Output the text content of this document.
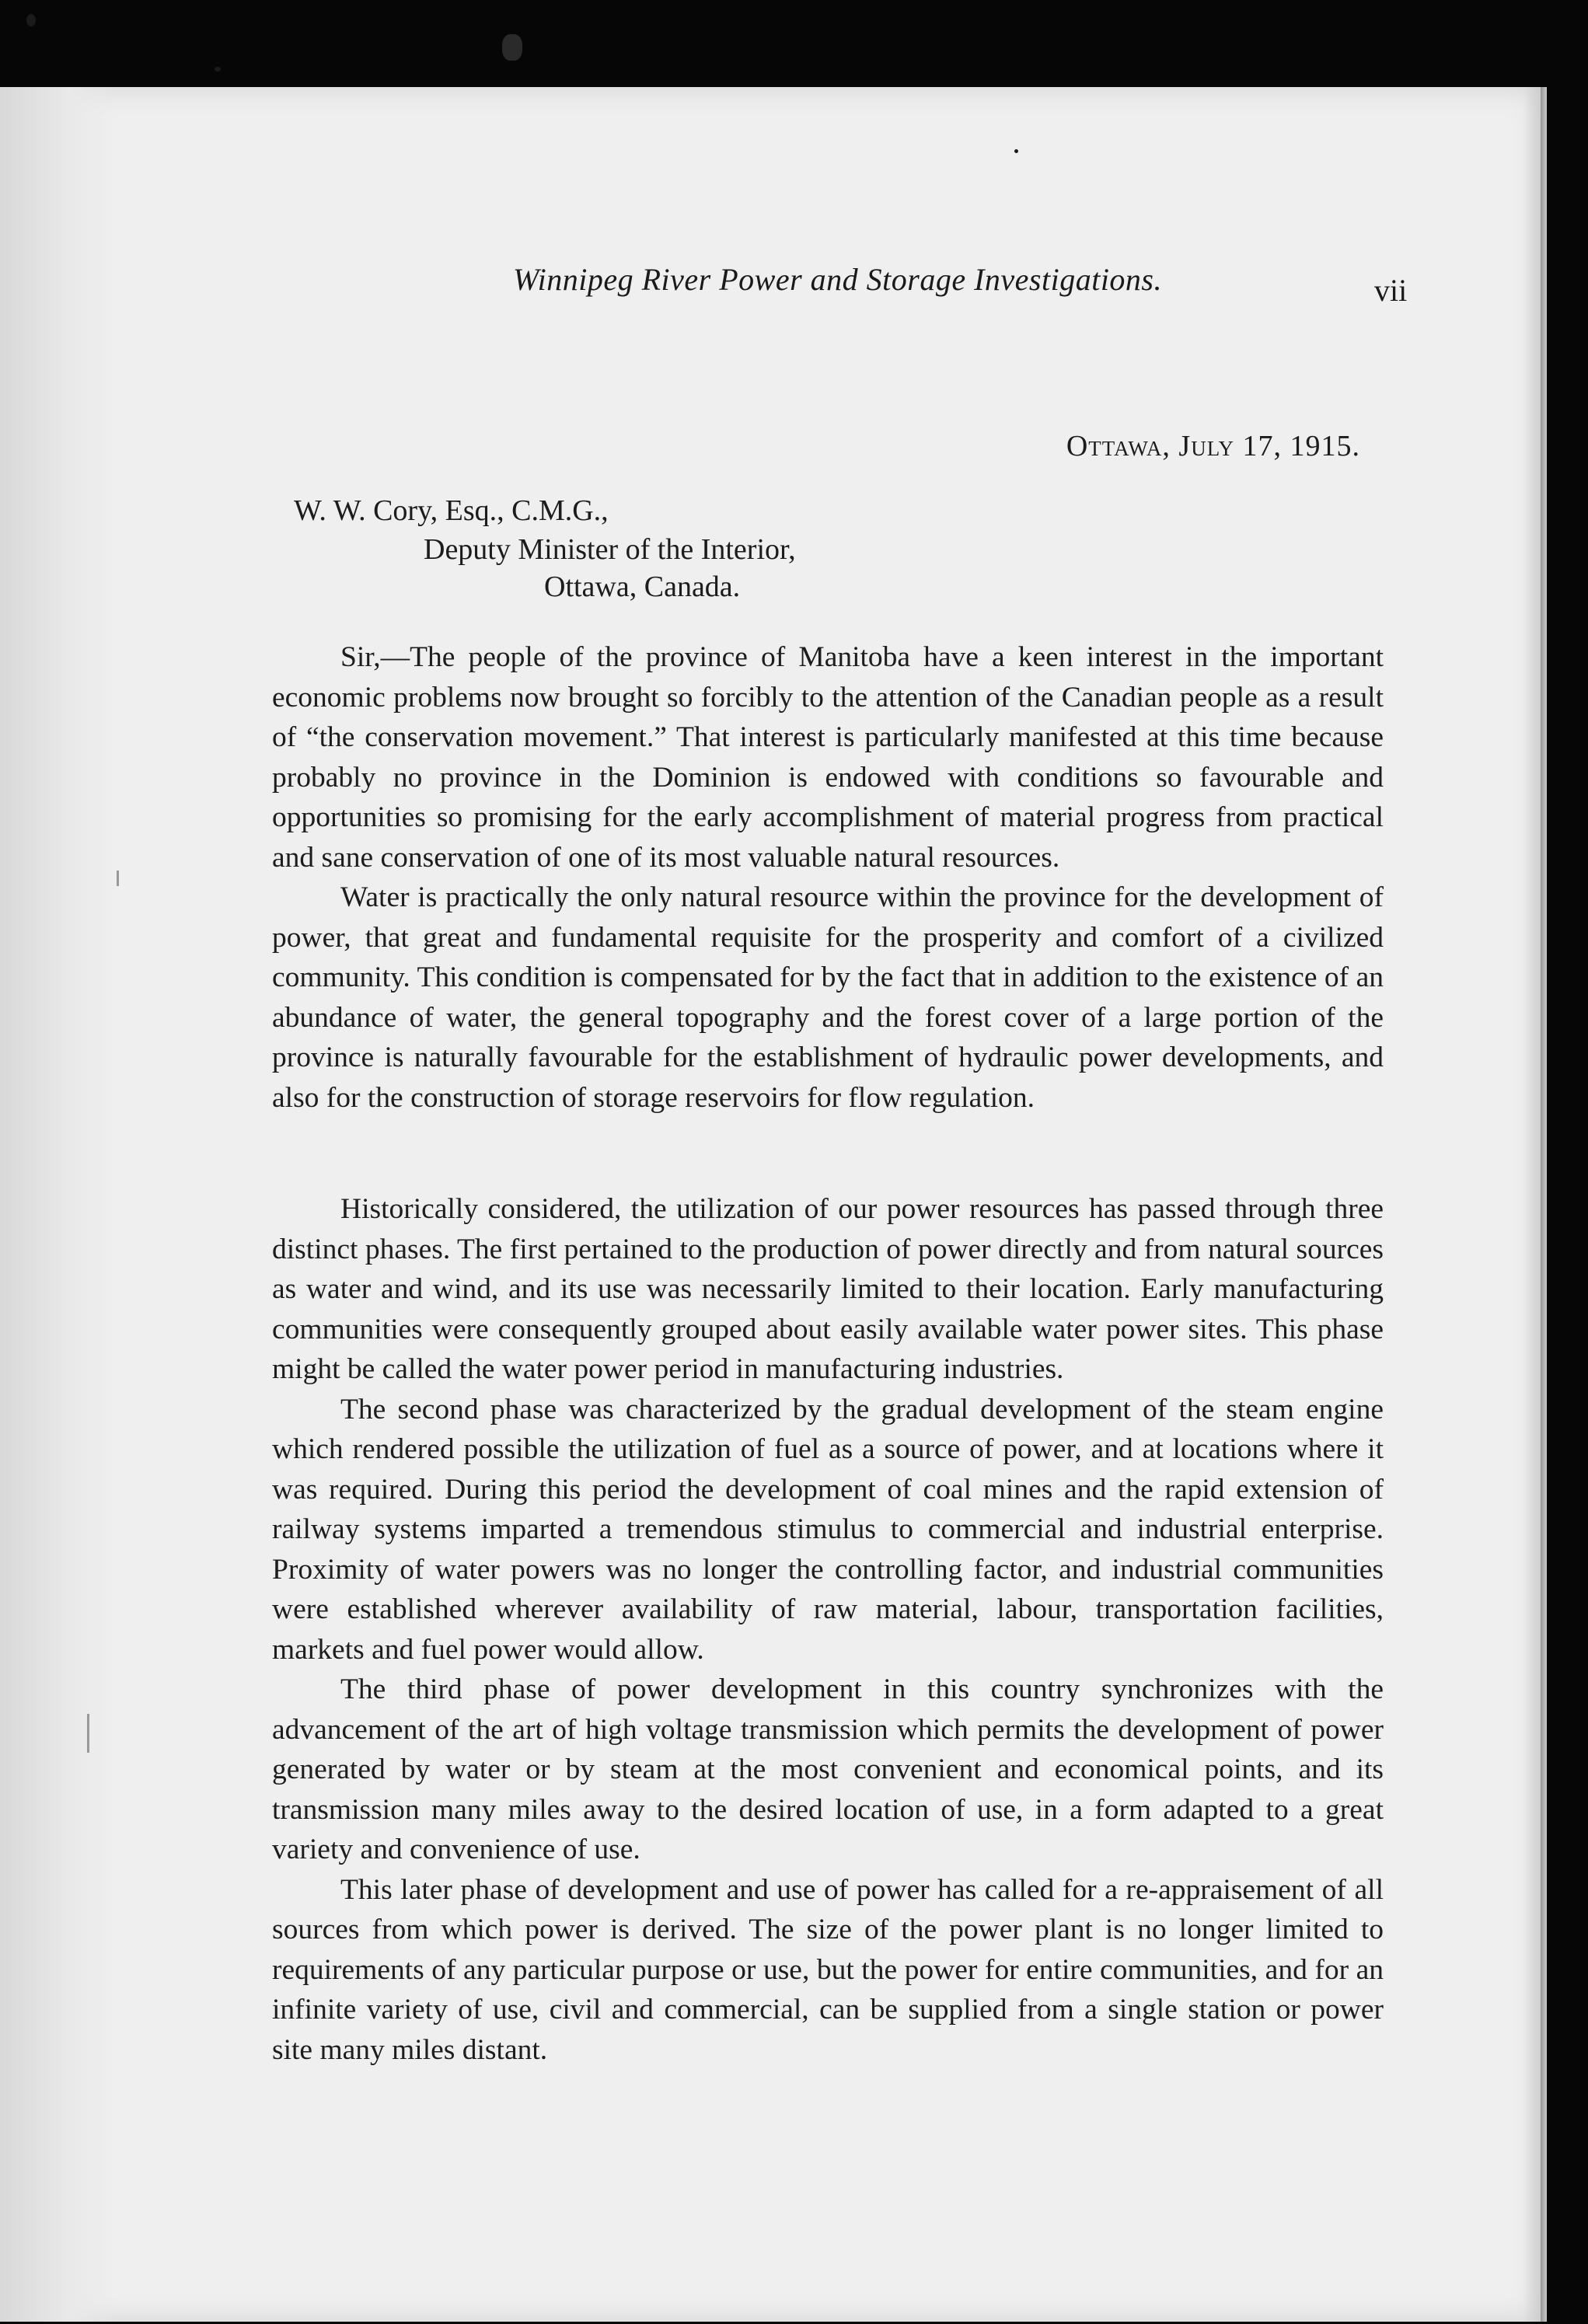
Winnipeg River Power and Storage Investigations.	vii
Ottawa, July 17, 1915.
W. W. Cory, Esq., C.M.G.,
Deputy Minister of the Interior,
Ottawa, Canada.

Sir,—The people of the province of Manitoba have a keen interest in the important economic problems now brought so forcibly to the attention of the Canadian people as a result of “the conservation movement.” That interest is particularly manifested at this time because probably no province in the Dominion is endowed with conditions so favourable and opportunities so promising for the early accomplishment of material progress from practical and sane conservation of one of its most valuable natural resources.

Water is practically the only natural resource within the province for the development of power, that great and fundamental requisite for the prosperity and comfort of a civilized community. This condition is compensated for by the fact that in addition to the existence of an abundance of water, the general topography and the forest cover of a large portion of the province is naturally favourable for the establishment of hydraulic power developments, and also for the construction of storage reservoirs for flow regulation.

Historically considered, the utilization of our power resources has passed through three distinct phases. The first pertained to the production of power directly and from natural sources as water and wind, and its use was necessarily limited to their location. Early manufacturing communities were consequently grouped about easily available water power sites. This phase might be called the water power period in manufacturing industries.

The second phase was characterized by the gradual development of the steam engine which rendered possible the utilization of fuel as a source of power, and at locations where it was required. During this period the development of coal mines and the rapid extension of railway systems imparted a tremendous stimulus to commercial and industrial enterprise. Proximity of water powers was no longer the controlling factor, and industrial communities were established wherever availability of raw material, labour, transportation facilities, markets and fuel power would allow.

The third phase of power development in this country synchronizes with the advancement of the art of high voltage transmission which permits the development of power generated by water or by steam at the most convenient and economical points, and its transmission many miles away to the desired location of use, in a form adapted to a great variety and convenience of use.

This later phase of development and use of power has called for a re-appraisement of all sources from which power is derived. The size of the power plant is no longer limited to requirements of any particular purpose or use, but the power for entire communities, and for an infinite variety of use, civil and commercial, can be supplied from a single station or power site many miles distant.
